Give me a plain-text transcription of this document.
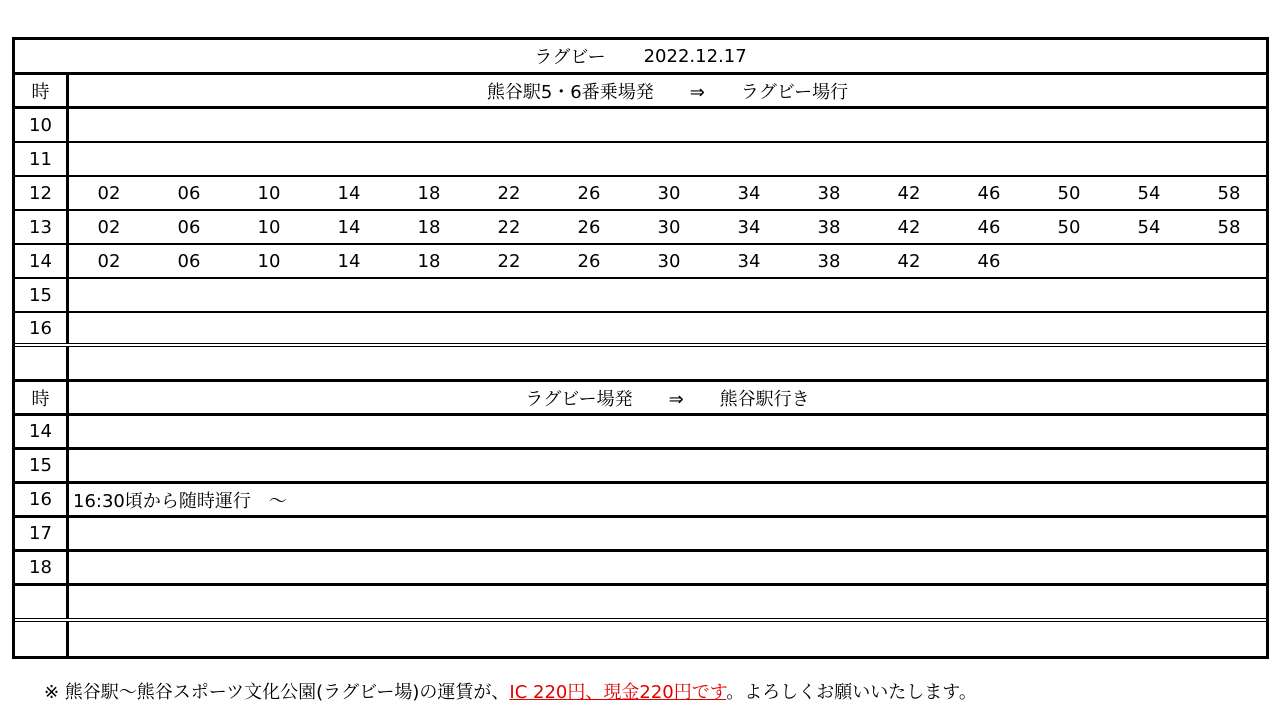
ラグビー 2022.12.17
時	熊谷駅5・6番乗場発　　⇒　　ラグビー場行
10
11
12	02	06	10	14	18	22	26	30	34	38	42	46	50	54	58
13	02	06	10	14	18	22	26	30	34	38	42	46	50	54	58
14	02	06	10	14	18	22	26	30	34	38	42	46
15
16
時	ラグビー場発　　⇒　　熊谷駅行き
14
15
16	16:30頃から随時運行　～
17
18
※ 熊谷駅～熊谷スポーツ文化公園(ラグビー場)の運賃が、IC 220円、現金220円です。よろしくお願いいたします。
